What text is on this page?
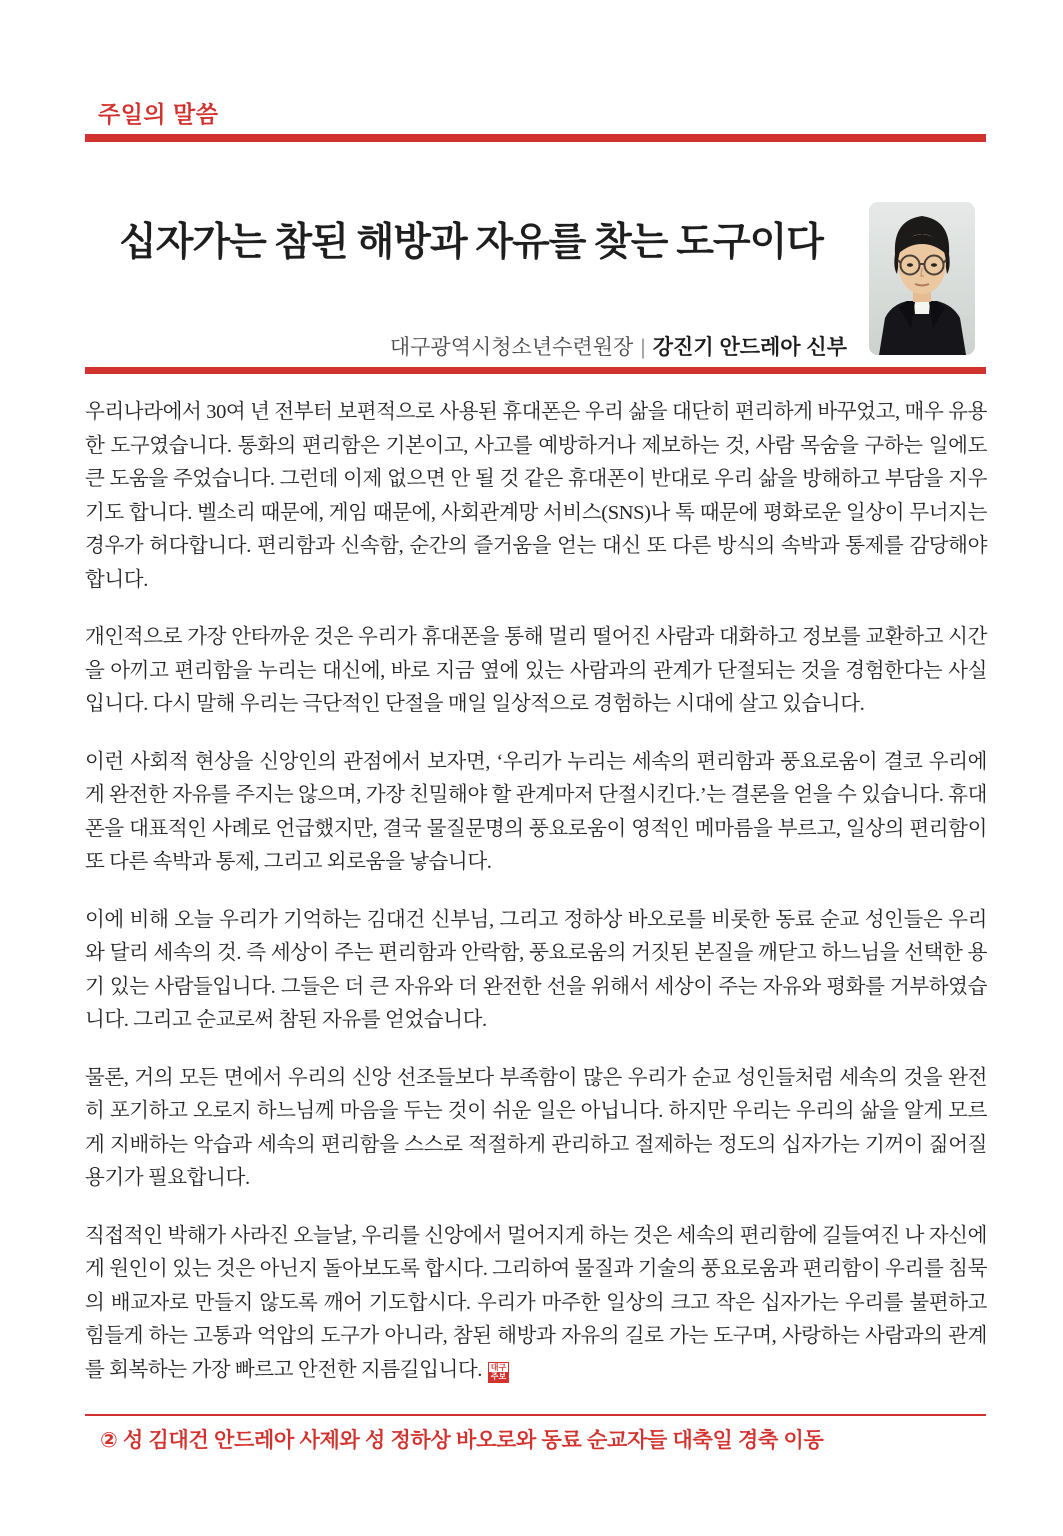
주일의 말씀
십자가는 참된 해방과 자유를 찾는 도구이다
대구광역시청소년수련원장 | 강진기 안드레아 신부

우리나라에서 30여 년 전부터 보편적으로 사용된 휴대폰은 우리 삶을 대단히 편리하게 바꾸었고, 매우 유용한 도구였습니다. 통화의 편리함은 기본이고, 사고를 예방하거나 제보하는 것, 사람 목숨을 구하는 일에도 큰 도움을 주었습니다. 그런데 이제 없으면 안 될 것 같은 휴대폰이 반대로 우리 삶을 방해하고 부담을 지우기도 합니다. 벨소리 때문에, 게임 때문에, 사회관계망 서비스(SNS)나 톡 때문에 평화로운 일상이 무너지는 경우가 허다합니다. 편리함과 신속함, 순간의 즐거움을 얻는 대신 또 다른 방식의 속박과 통제를 감당해야 합니다.

개인적으로 가장 안타까운 것은 우리가 휴대폰을 통해 멀리 떨어진 사람과 대화하고 정보를 교환하고 시간을 아끼고 편리함을 누리는 대신에, 바로 지금 옆에 있는 사람과의 관계가 단절되는 것을 경험한다는 사실입니다. 다시 말해 우리는 극단적인 단절을 매일 일상적으로 경험하는 시대에 살고 있습니다.

이런 사회적 현상을 신앙인의 관점에서 보자면, ‘우리가 누리는 세속의 편리함과 풍요로움이 결코 우리에게 완전한 자유를 주지는 않으며, 가장 친밀해야 할 관계마저 단절시킨다.’는 결론을 얻을 수 있습니다. 휴대폰을 대표적인 사례로 언급했지만, 결국 물질문명의 풍요로움이 영적인 메마름을 부르고, 일상의 편리함이 또 다른 속박과 통제, 그리고 외로움을 낳습니다.

이에 비해 오늘 우리가 기억하는 김대건 신부님, 그리고 정하상 바오로를 비롯한 동료 순교 성인들은 우리와 달리 세속의 것. 즉 세상이 주는 편리함과 안락함, 풍요로움의 거짓된 본질을 깨닫고 하느님을 선택한 용기 있는 사람들입니다. 그들은 더 큰 자유와 더 완전한 선을 위해서 세상이 주는 자유와 평화를 거부하였습니다. 그리고 순교로써 참된 자유를 얻었습니다.

물론, 거의 모든 면에서 우리의 신앙 선조들보다 부족함이 많은 우리가 순교 성인들처럼 세속의 것을 완전히 포기하고 오로지 하느님께 마음을 두는 것이 쉬운 일은 아닙니다. 하지만 우리는 우리의 삶을 알게 모르게 지배하는 악습과 세속의 편리함을 스스로 적절하게 관리하고 절제하는 정도의 십자가는 기꺼이 짊어질 용기가 필요합니다.

직접적인 박해가 사라진 오늘날, 우리를 신앙에서 멀어지게 하는 것은 세속의 편리함에 길들여진 나 자신에게 원인이 있는 것은 아닌지 돌아보도록 합시다. 그리하여 물질과 기술의 풍요로움과 편리함이 우리를 침묵의 배교자로 만들지 않도록 깨어 기도합시다. 우리가 마주한 일상의 크고 작은 십자가는 우리를 불편하고 힘들게 하는 고통과 억압의 도구가 아니라, 참된 해방과 자유의 길로 가는 도구며, 사랑하는 사람과의 관계를 회복하는 가장 빠르고 안전한 지름길입니다.	대구
주보

② 성 김대건 안드레아 사제와 성 정하상 바오로와 동료 순교자들 대축일 경축 이동
